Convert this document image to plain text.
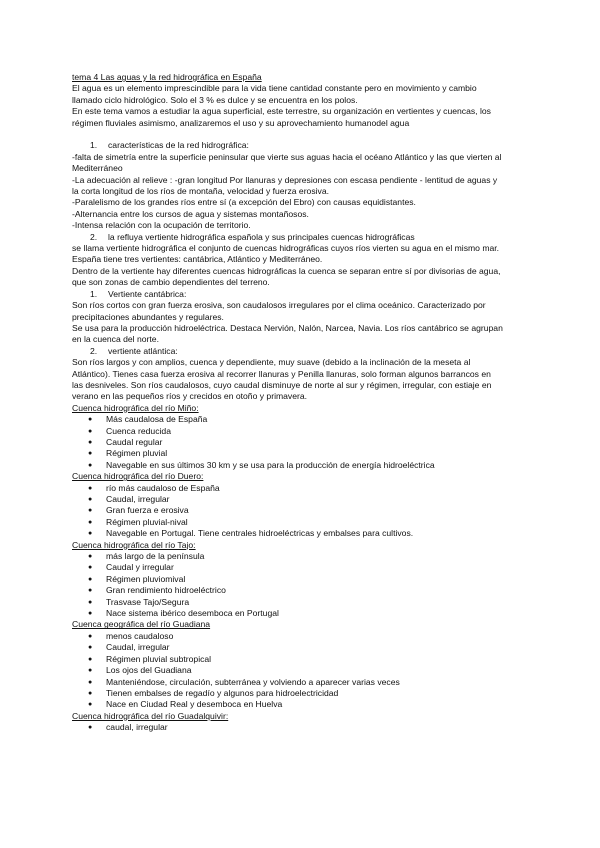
tema 4 Las aguas y la red hidrográfica en España
El agua es un elemento imprescindible para la vida tiene cantidad constante pero en movimiento y cambio
llamado ciclo hidrológico. Solo el 3 % es dulce y se encuentra en los polos.
En este tema vamos a estudiar la agua superficial, este terrestre, su organización en vertientes y cuencas, los
régimen fluviales asimismo, analizaremos el uso y su aprovechamiento humanodel agua
1.	características de la red hidrográfica:
-falta de simetría entre la superficie peninsular que vierte sus aguas hacia el océano Atlántico y las que vierten al
Mediterráneo
-La adecuación al relieve : -gran longitud Por llanuras y depresiones con escasa pendiente - lentitud de aguas y
la corta longitud de los ríos de montaña, velocidad y fuerza erosiva.
-Paralelismo de los grandes ríos entre sí (a excepción del Ebro) con causas equidistantes.
-Alternancia entre los cursos de agua y sistemas montañosos.
-Intensa relación con la ocupación de territorio.
2.	la refluya vertiente hidrográfica española y sus principales cuencas hidrográficas
se llama vertiente hidrográfica el conjunto de cuencas hidrográficas cuyos ríos vierten su agua en el mismo mar.
España tiene tres vertientes: cantábrica, Atlántico y Mediterráneo.
Dentro de la vertiente hay diferentes cuencas hidrográficas la cuenca se separan entre sí por divisorias de agua,
que son zonas de cambio dependientes del terreno.
1.	Vertiente cantábrica:
Son ríos cortos con gran fuerza erosiva, son caudalosos irregulares por el clima oceánico. Caracterizado por
precipitaciones abundantes y regulares.
Se usa para la producción hidroeléctrica. Destaca Nervión, Nalón, Narcea, Navia. Los ríos cantábrico se agrupan
en la cuenca del norte.
2.	vertiente atlántica:
Son ríos largos y con amplios, cuenca y dependiente, muy suave (debido a la inclinación de la meseta al
Atlántico). Tienes casa fuerza erosiva al recorrer llanuras y Penilla llanuras, solo forman algunos barrancos en
las desniveles. Son ríos caudalosos, cuyo caudal disminuye de norte al sur y régimen, irregular, con estiaje en
verano en las pequeños ríos y crecidos en otoño y primavera.
Cuenca hidrográfica del río Miño:
●	Más caudalosa de España
●	Cuenca reducida
●	Caudal regular
●	Régimen pluvial
●	Navegable en sus últimos 30 km y se usa para la producción de energía hidroeléctrica
Cuenca hidrográfica del río Duero:
●	río más caudaloso de España
●	Caudal, irregular
●	Gran fuerza e erosiva
●	Régimen pluvial-nival
●	Navegable en Portugal. Tiene centrales hidroeléctricas y embalses para cultivos.
Cuenca hidrográfica del río Tajo:
●	más largo de la península
●	Caudal y irregular
●	Régimen pluviomival
●	Gran rendimiento hidroeléctrico
●	Trasvase Tajo/Segura
●	Nace sistema ibérico desemboca en Portugal
Cuenca geográfica del río Guadiana
●	menos caudaloso
●	Caudal, irregular
●	Régimen pluvial subtropical
●	Los ojos del Guadiana
●	Manteniéndose, circulación, subterránea y volviendo a aparecer varias veces
●	Tienen embalses de regadío y algunos para hidroelectricidad
●	Nace en Ciudad Real y desemboca en Huelva
Cuenca hidrográfica del río Guadalquivir:
●	caudal, irregular
